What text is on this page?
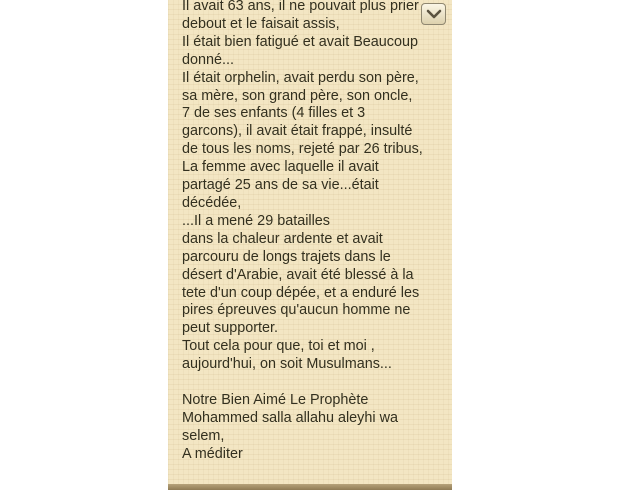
Il avait 63 ans, il ne pouvait plus prier
debout et le faisait assis,
Il était bien fatigué et avait Beaucoup
donné...
Il était orphelin, avait perdu son père,
sa mère, son grand père, son oncle,
7 de ses enfants (4 filles et 3
garcons), il avait était frappé, insulté
de tous les noms, rejeté par 26 tribus,
La femme avec laquelle il avait
partagé 25 ans de sa vie...était
décédée,
...Il a mené 29 batailles
dans la chaleur ardente et avait
parcouru de longs trajets dans le
désert d'Arabie, avait été blessé à la
tete d'un coup dépée, et a enduré les
pires épreuves qu'aucun homme ne
peut supporter.
Tout cela pour que, toi et moi ,
aujourd'hui, on soit Musulmans...

Notre Bien Aimé Le Prophète
Mohammed salla allahu aleyhi wa
selem,
A méditer
